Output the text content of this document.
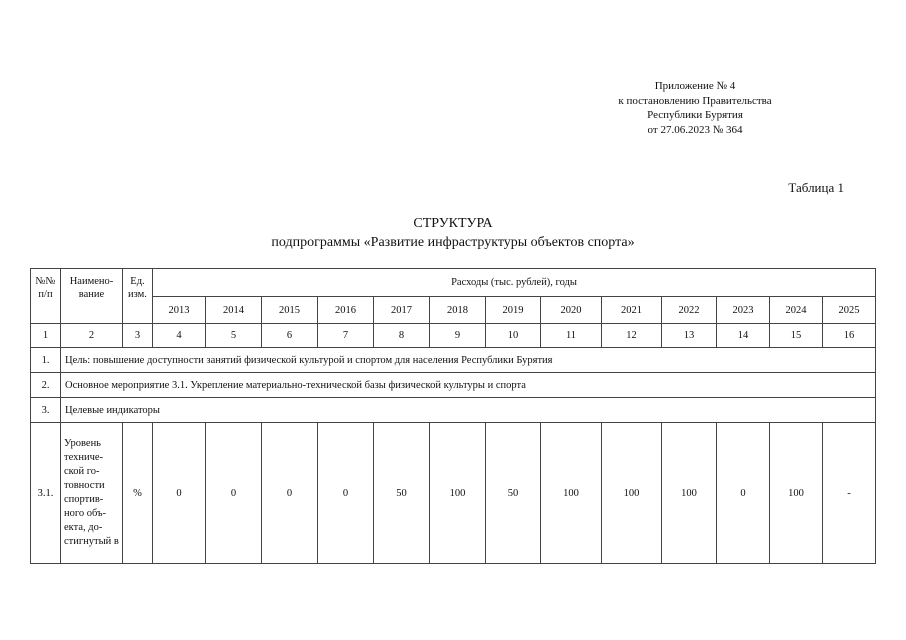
Приложение № 4
к постановлению Правительства
Республики Бурятия
от 27.06.2023 № 364
Таблица 1
СТРУКТУРА
подпрограммы «Развитие инфраструктуры объектов спорта»
№№ п/п	Наимено-вание	Ед. изм.	Расходы (тыс. рублей), годы												
			2013	2014	2015	2016	2017	2018	2019	2020	2021	2022	2023	2024	2025
1	2	3	4	5	6	7	8	9	10	11	12	13	14	15	16
1.	Цель: повышение доступности занятий физической культурой и спортом для населения Республики Бурятия														
2.	Основное мероприятие 3.1. Укрепление материально-технической базы физической культуры и спорта														
3.	Целевые индикаторы														
3.1.	Уровень техниче-ской го-товности спортив-ного объ-екта, до-стигнутый в	%	0	0	0	0	50	100	50	100	100	100	0	100	-
